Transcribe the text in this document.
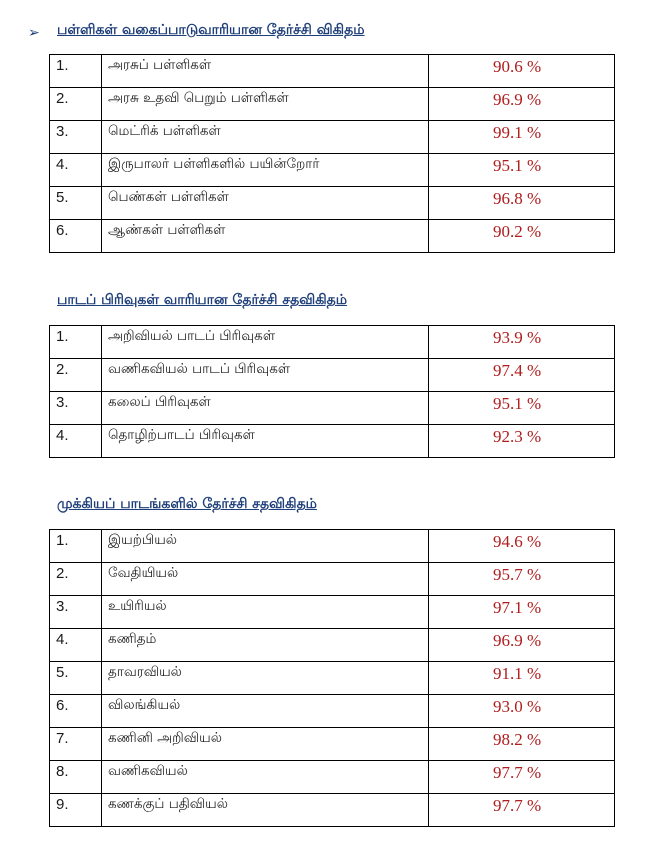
➢ பள்ளிகள் வகைப்பாடுவாரியான தேர்ச்சி விகிதம்
1.	அரசுப் பள்ளிகள்	90.6 %
2.	அரசு உதவி பெறும் பள்ளிகள்	96.9 %
3.	மெட்ரிக் பள்ளிகள்	99.1 %
4.	இருபாலர் பள்ளிகளில் பயின்றோர்	95.1 %
5.	பெண்கள் பள்ளிகள்	96.8 %
6.	ஆண்கள் பள்ளிகள்	90.2 %
பாடப் பிரிவுகள் வாரியான தேர்ச்சி சதவிகிதம்
1.	அறிவியல் பாடப் பிரிவுகள்	93.9 %
2.	வணிகவியல் பாடப் பிரிவுகள்	97.4 %
3.	கலைப் பிரிவுகள்	95.1 %
4.	தொழிற்பாடப் பிரிவுகள்	92.3 %
முக்கியப் பாடங்களில் தேர்ச்சி சதவிகிதம்
1.	இயற்பியல்	94.6 %
2.	வேதியியல்	95.7 %
3.	உயிரியல்	97.1 %
4.	கணிதம்	96.9 %
5.	தாவரவியல்	91.1 %
6.	விலங்கியல்	93.0 %
7.	கணினி அறிவியல்	98.2 %
8.	வணிகவியல்	97.7 %
9.	கணக்குப் பதிவியல்	97.7 %
